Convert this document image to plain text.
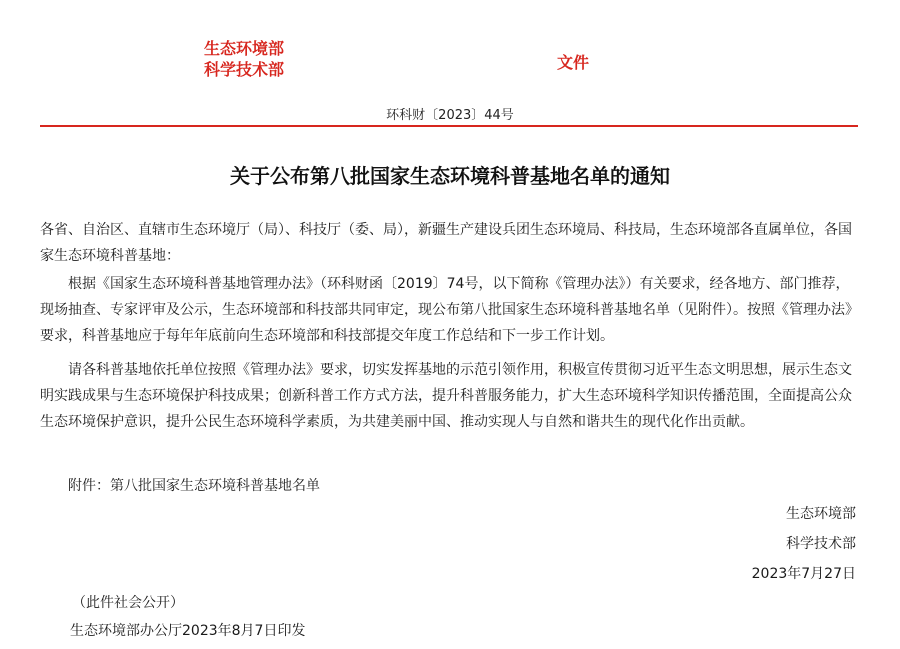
生态环境部
科学技术部	文件
环科财〔2023〕44号
关于公布第八批国家生态环境科普基地名单的通知
各省、自治区、直辖市生态环境厅（局）、科技厅（委、局），新疆生产建设兵团生态环境局、科技局，生态环境部各直属单位，各国家生态环境科普基地：
根据《国家生态环境科普基地管理办法》（环科财函〔2019〕74号，以下简称《管理办法》）有关要求，经各地方、部门推荐，现场抽查、专家评审及公示，生态环境部和科技部共同审定，现公布第八批国家生态环境科普基地名单（见附件）。按照《管理办法》要求，科普基地应于每年年底前向生态环境部和科技部提交年度工作总结和下一步工作计划。
请各科普基地依托单位按照《管理办法》要求，切实发挥基地的示范引领作用，积极宣传贯彻习近平生态文明思想，展示生态文明实践成果与生态环境保护科技成果；创新科普工作方式方法，提升科普服务能力，扩大生态环境科学知识传播范围，全面提高公众生态环境保护意识，提升公民生态环境科学素质，为共建美丽中国、推动实现人与自然和谐共生的现代化作出贡献。
附件：第八批国家生态环境科普基地名单
生态环境部
科学技术部
2023年7月27日
（此件社会公开）
生态环境部办公厅2023年8月7日印发
